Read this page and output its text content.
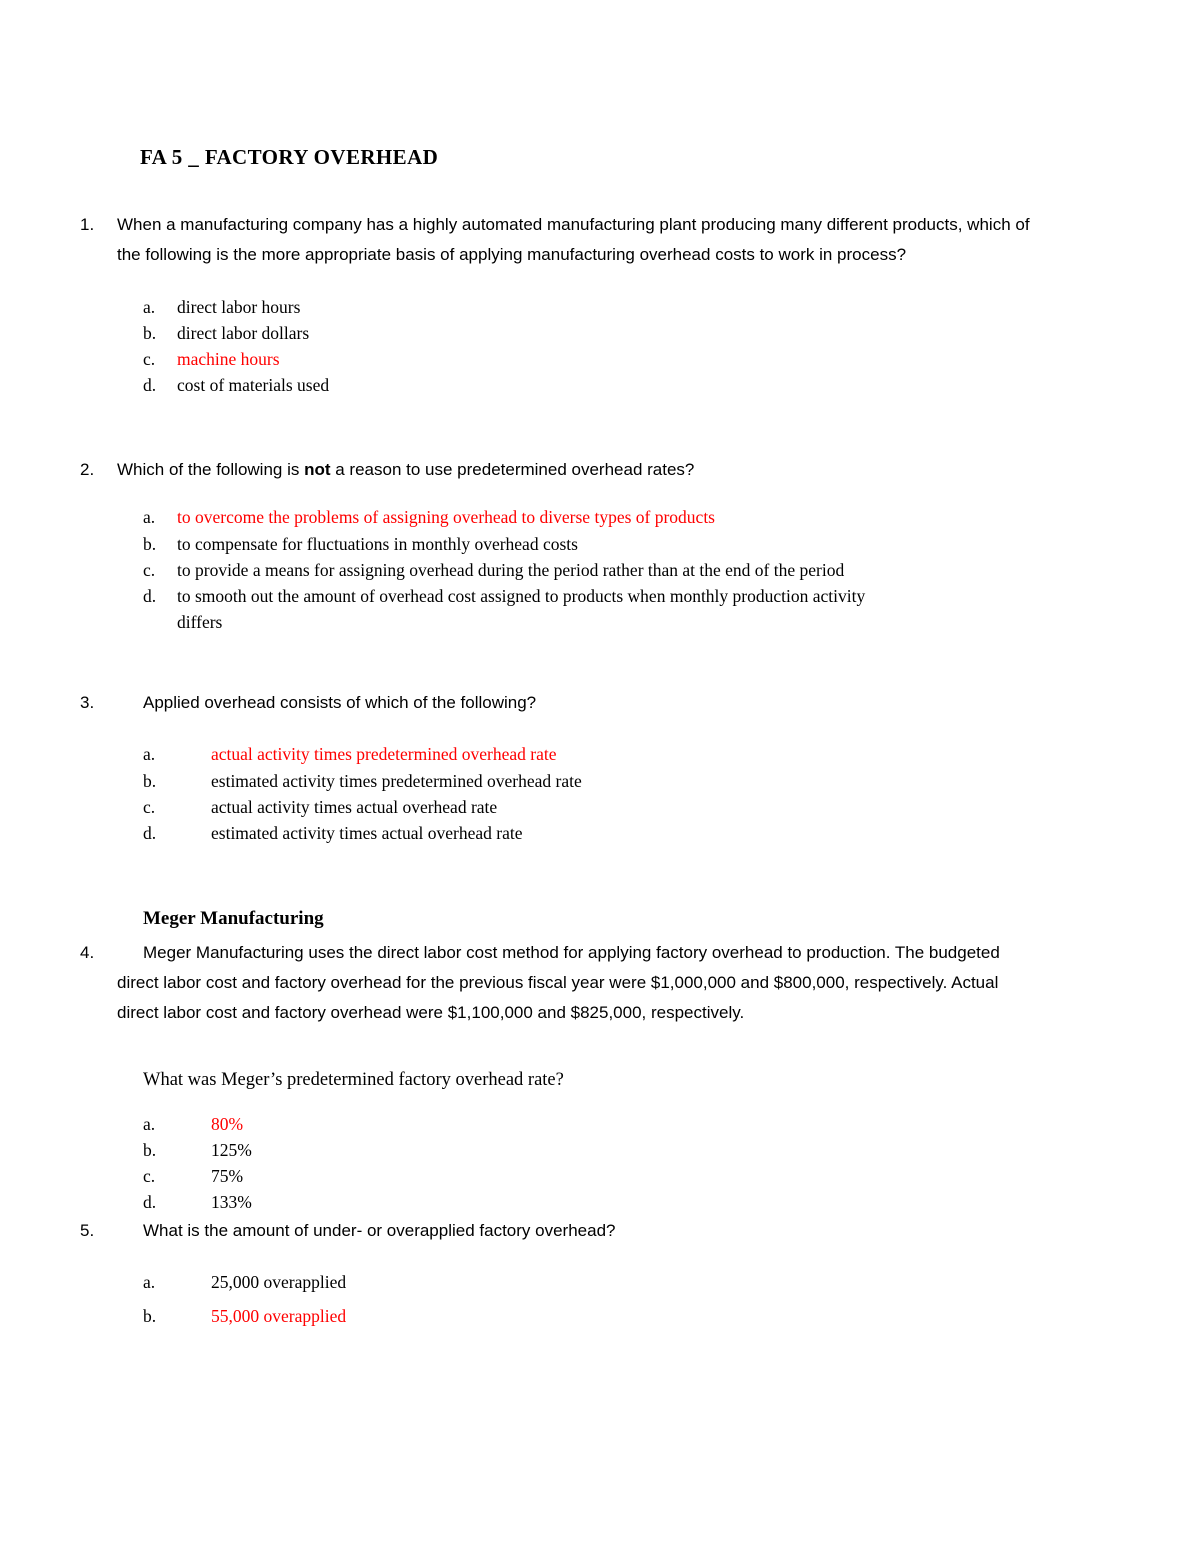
FA 5 _ FACTORY OVERHEAD
1. When a manufacturing company has a highly automated manufacturing plant producing many different products, which of the following is the more appropriate basis of applying manufacturing overhead costs to work in process?
a.	direct labor hours
b.	direct labor dollars
c.	machine hours
d.	cost of materials used
2. Which of the following is not a reason to use predetermined overhead rates?
a.	to overcome the problems of assigning overhead to diverse types of products
b.	to compensate for fluctuations in monthly overhead costs
c.	to provide a means for assigning overhead during the period rather than at the end of the period
d.	to smooth out the amount of overhead cost assigned to products when monthly production activity differs
3.	Applied overhead consists of which of the following?
a.	actual activity times predetermined overhead rate
b.	estimated activity times predetermined overhead rate
c.	actual activity times actual overhead rate
d.	estimated activity times actual overhead rate
Meger Manufacturing
4.	Meger Manufacturing uses the direct labor cost method for applying factory overhead to production. The budgeted direct labor cost and factory overhead for the previous fiscal year were $1,000,000 and $800,000, respectively. Actual direct labor cost and factory overhead were $1,100,000 and $825,000, respectively.
What was Meger’s predetermined factory overhead rate?
a.	80%
b.	125%
c.	75%
d.	133%
5.	What is the amount of under- or overapplied factory overhead?
a.	25,000 overapplied
b.	55,000 overapplied
